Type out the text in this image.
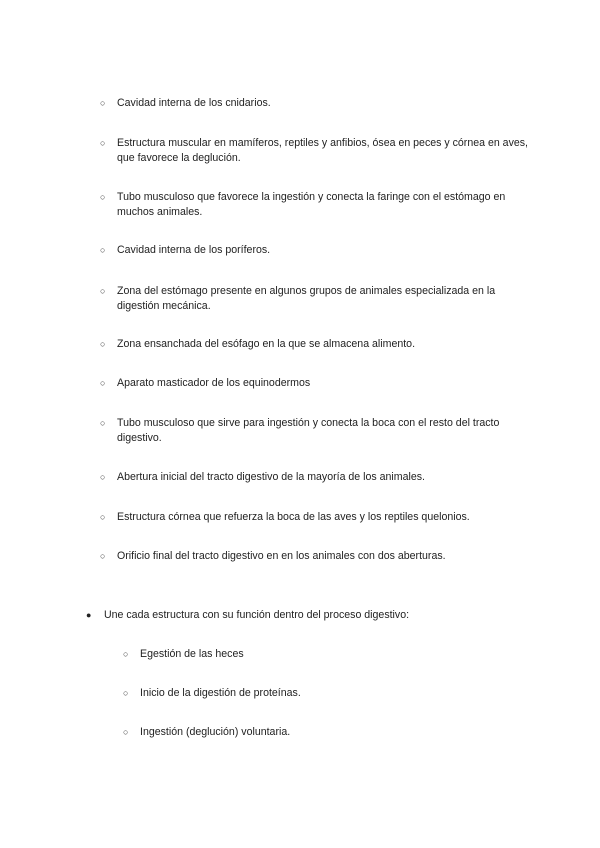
○	Cavidad interna de los cnidarios.
○	Estructura muscular en mamíferos, reptiles y anfibios, ósea en peces y córnea en aves, que favorece la deglución.
○	Tubo musculoso que favorece la ingestión y conecta la faringe con el estómago en muchos animales.
○	Cavidad interna de los poríferos.
○	Zona del estómago presente en algunos grupos de animales especializada en la digestión mecánica.
○	Zona ensanchada del esófago en la que se almacena alimento.
○	Aparato masticador de los equinodermos
○	Tubo musculoso que sirve para ingestión y conecta la boca con el resto del tracto digestivo.
○	Abertura inicial del tracto digestivo de la mayoría de los animales.
○	Estructura córnea que refuerza la boca de las aves y los reptiles quelonios.
○	Orificio final del tracto digestivo en en los animales con dos aberturas.
●	Une cada estructura con su función dentro del proceso digestivo:
○	Egestión de las heces
○	Inicio de la digestión de proteínas.
○	Ingestión (deglución) voluntaria.
